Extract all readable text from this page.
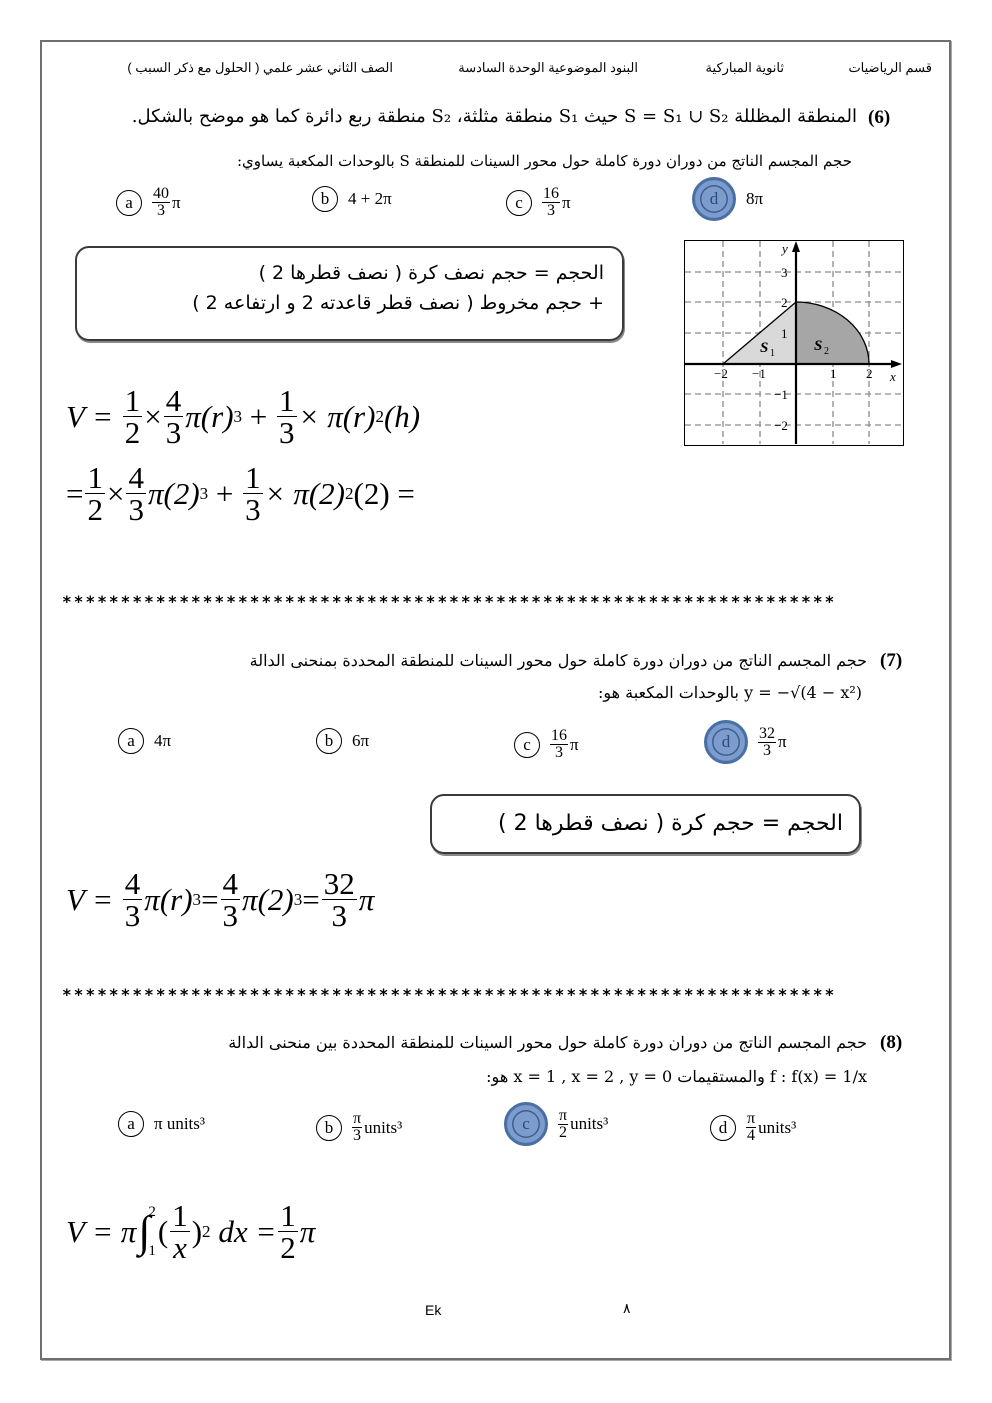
قسم الرياضيات
ثانوية المباركية
البنود الموضوعية الوحدة السادسة
الصف الثاني عشر علمي ( الحلول مع ذكر السبب )
(6)
المنطقة المظللة S = S₁ ∪ S₂ حيث S₁ منطقة مثلثة، S₂ منطقة ربع دائرة كما هو موضح بالشكل.
حجم المجسم الناتج من دوران دورة كاملة حول محور السينات للمنطقة S بالوحدات المكعبة يساوي:
a	$\frac{40}{3}$ π	b	4 + 2π	c	$\frac{16}{3}$ π	d	8π
الحجم = حجم نصف كرة ( نصف قطرها 2 )
+ حجم مخروط ( نصف قطر قاعدته 2 و ارتفاعه 2 )
y
x
3
2
1
−1
−2
−2 −1	1 2
S 1	S 2
V =
$\frac{1}{2} \times \frac{4}{3} \pi(r)$ 3
+
$\frac{1}{3} \times \pi(r)$ 2 (h)
= $\frac{1}{2} \times \frac{4}{3} \pi(2)$ 3
+
$\frac{1}{3} \times \pi(2)$ 2 (2) =
******************************************************************
(7)
حجم المجسم الناتج من دوران دورة كاملة حول محور السينات للمنطقة المحددة بمنحنى الدالة
y = −√(4 − x²) بالوحدات المكعبة هو:
a	4π	b	6π	c	$\frac{16}{3}$ π	d	$\frac{32}{3}$ π
الحجم = حجم كرة ( نصف قطرها 2 )
V =
$\frac{4}{3} \pi(r) 3 = \frac{4}{3} \pi(2) 3 = \frac{32}{3}$ π
******************************************************************
(8)
حجم المجسم الناتج من دوران دورة كاملة حول محور السينات للمنطقة المحددة بين منحنى الدالة
f : f(x) = 1/x والمستقيمات x = 1 , x = 2 , y = 0 هو:
a	π units³	b	$\frac{\pi}{3}$ units³	c	$\frac{\pi}{2}$ units³	d	$\frac{\pi}{4}$ units³
V = π ∫
2
1
( 1
x ) 2
dx = $\frac{1}{2}$ π
Ek	٨
